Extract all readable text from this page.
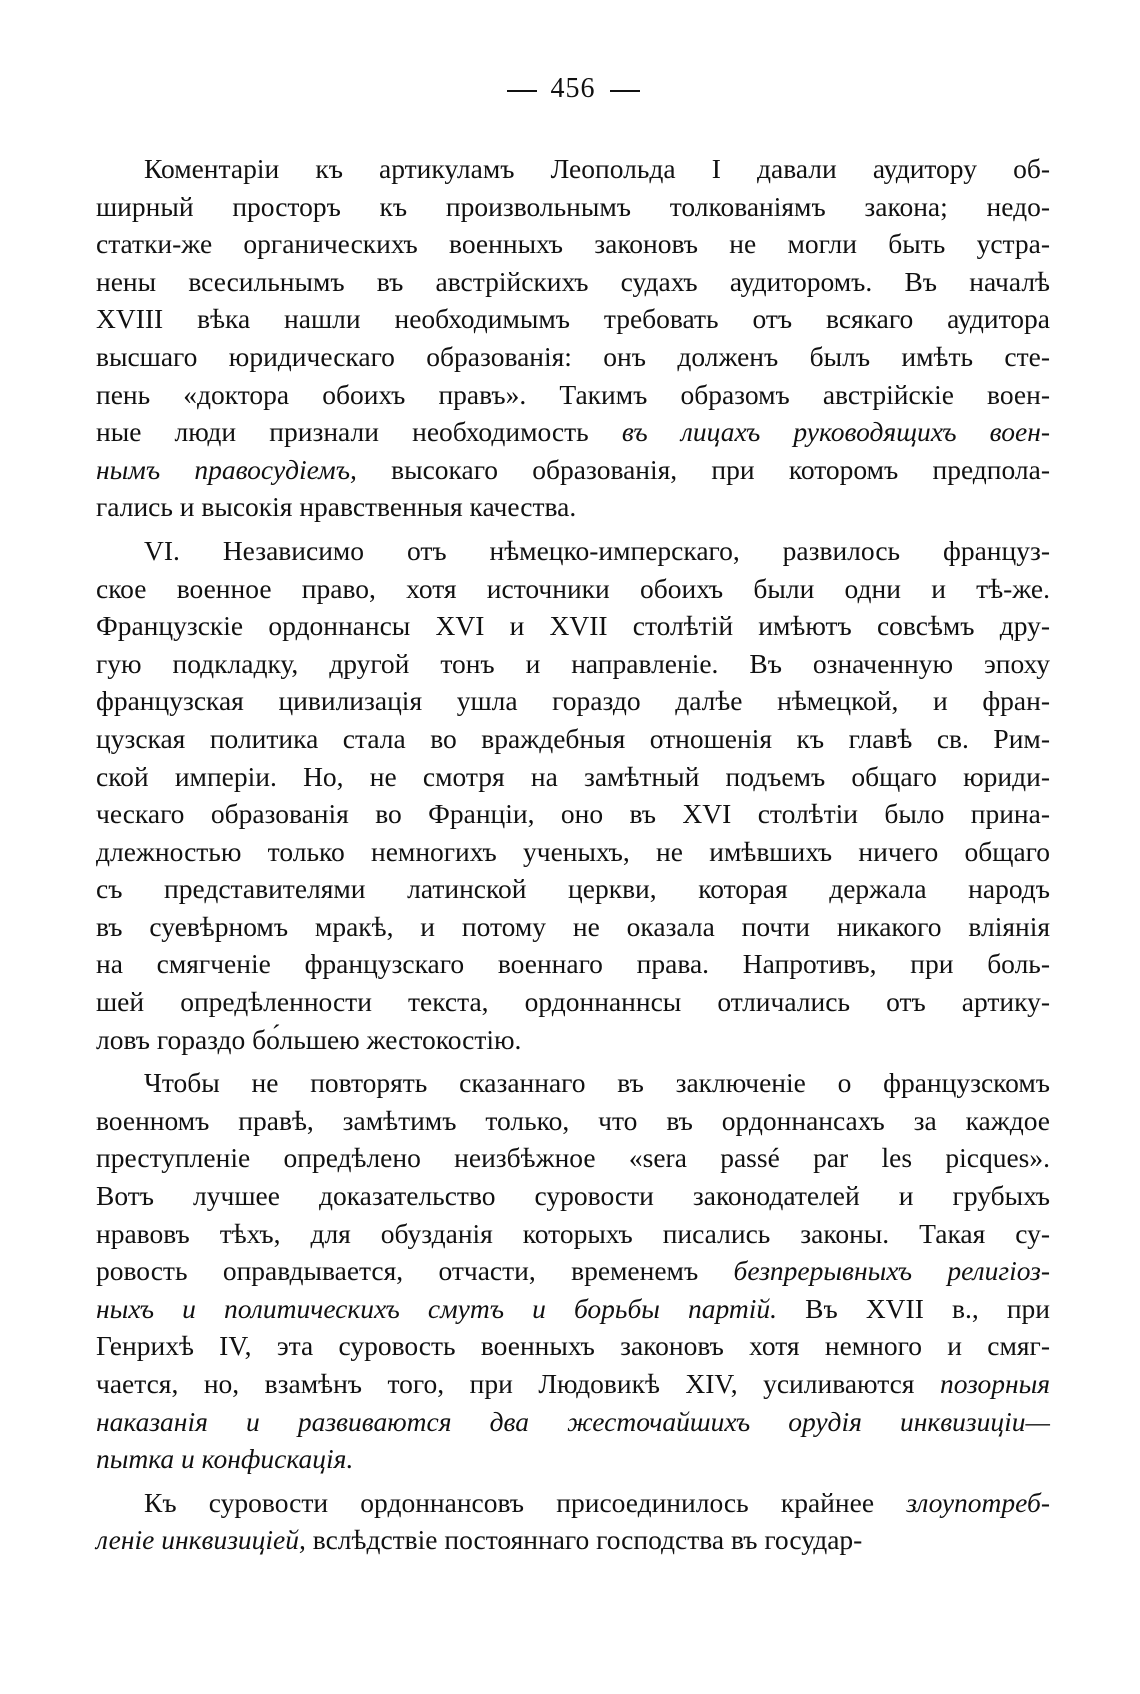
456

Коментаріи къ артикуламъ Леопольда I давали аудитору об-
ширный просторъ къ произвольнымъ толкованіямъ закона; недо-
статки-же органическихъ военныхъ законовъ не могли быть устра-
нены всесильнымъ въ австрійскихъ судахъ аудиторомъ. Въ началѣ
XVIII вѣка нашли необходимымъ требовать отъ всякаго аудитора
высшаго юридическаго образованія: онъ долженъ былъ имѣть сте-
пень «доктора обоихъ правъ». Такимъ образомъ австрійскіе воен-
ные люди признали необходимость въ лицахъ руководящихъ воен-
нымъ правосудіемъ, высокаго образованія, при которомъ предпола-
гались и высокія нравственныя качества.

VI. Независимо отъ нѣмецко-имперскаго, развилось француз-
ское военное право, хотя источники обоихъ были одни и тѣ-же.
Французскіе ордоннансы XVI и XVII столѣтій имѣютъ совсѣмъ дру-
гую подкладку, другой тонъ и направленіе. Въ означенную эпоху
французская цивилизація ушла гораздо далѣе нѣмецкой, и фран-
цузская политика стала во враждебныя отношенія къ главѣ св. Рим-
ской имперіи. Но, не смотря на замѣтный подъемъ общаго юриди-
ческаго образованія во Франціи, оно въ XVI столѣтіи было прина-
длежностью только немногихъ ученыхъ, не имѣвшихъ ничего общаго
съ представителями латинской церкви, которая держала народъ
въ суевѣрномъ мракѣ, и потому не оказала почти никакого вліянія
на смягченіе французскаго военнаго права. Напротивъ, при боль-
шей опредѣленности текста, ордоннаннсы отличались отъ артику-
ловъ гораздо бо́льшею жестокостію.

Чтобы не повторять сказаннаго въ заключеніе о французскомъ
военномъ правѣ, замѣтимъ только, что въ ордоннансахъ за каждое
преступленіе опредѣлено неизбѣжное «sera passé par les picques».
Вотъ лучшее доказательство суровости законодателей и грубыхъ
нравовъ тѣхъ, для обузданія которыхъ писались законы. Такая су-
ровость оправдывается, отчасти, временемъ безпрерывныхъ религіоз-
ныхъ и политическихъ смутъ и борьбы партій. Въ XVII в., при
Генрихѣ IV, эта суровость военныхъ законовъ хотя немного и смяг-
чается, но, взамѣнъ того, при Людовикѣ XIV, усиливаются позорныя
наказанія и развиваются два жесточайшихъ орудія инквизиціи—
пытка и конфискація.

Къ суровости ордоннансовъ присоединилось крайнее злоупотреб-
леніе инквизиціей, вслѣдствіе постояннаго господства въ государ-
